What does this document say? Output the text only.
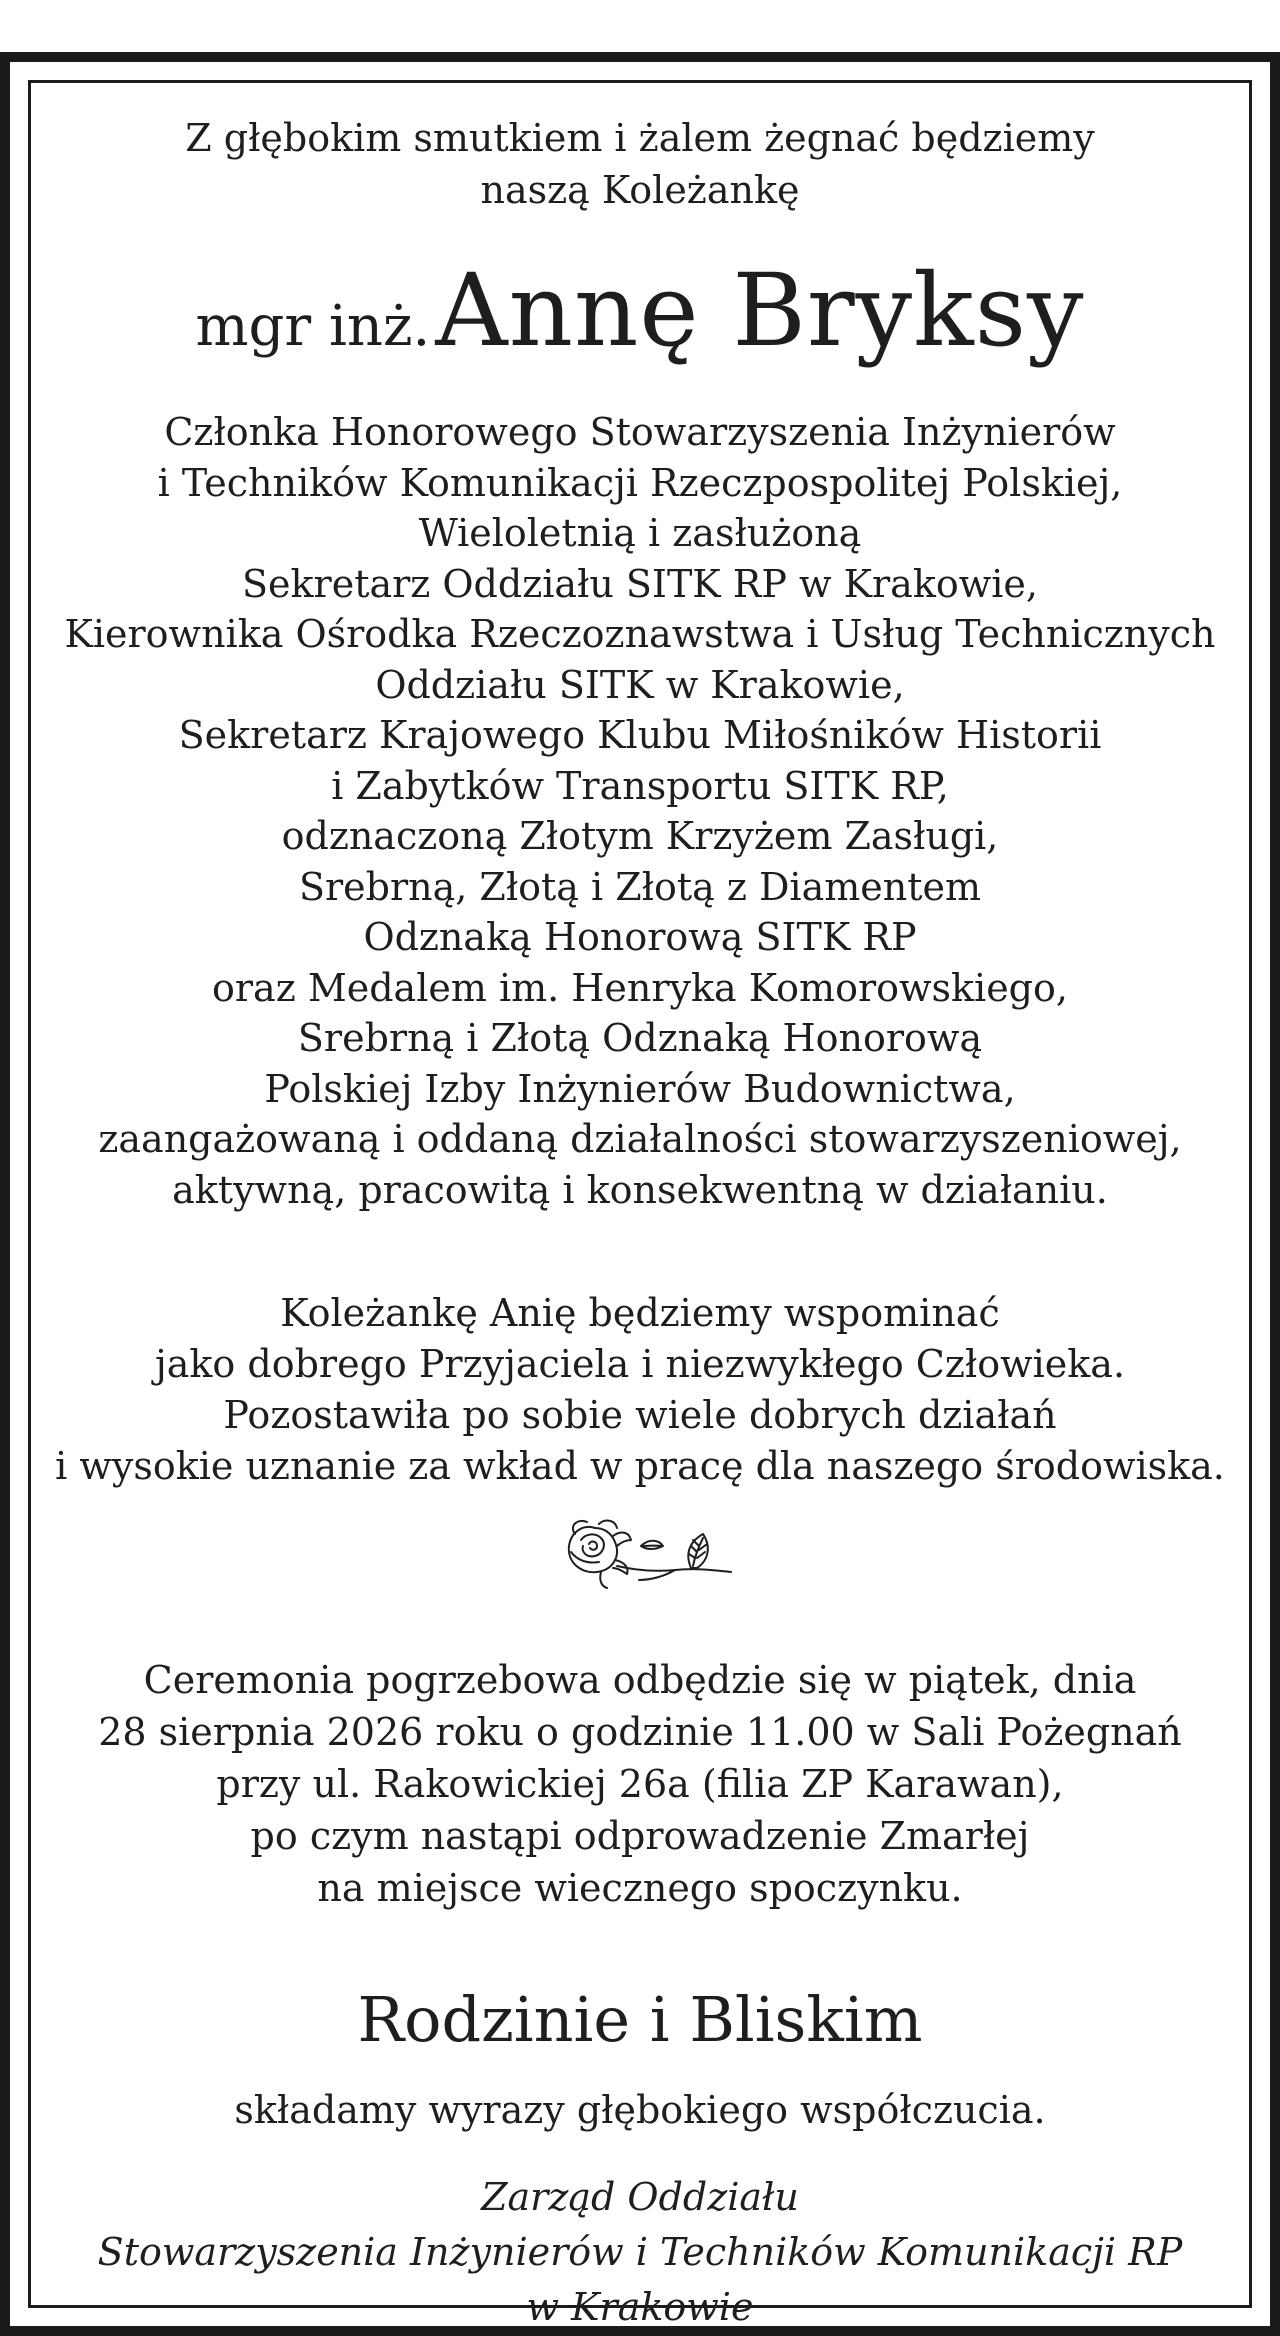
Z głębokim smutkiem i żalem żegnać będziemy
naszą Koleżankę
mgr inż. Annę Bryksy
Członka Honorowego Stowarzyszenia Inżynierów
i Techników Komunikacji Rzeczpospolitej Polskiej,
Wieloletnią i zasłużoną
Sekretarz Oddziału SITK RP w Krakowie,
Kierownika Ośrodka Rzeczoznawstwa i Usług Technicznych
Oddziału SITK w Krakowie,
Sekretarz Krajowego Klubu Miłośników Historii
i Zabytków Transportu SITK RP,
odznaczoną Złotym Krzyżem Zasługi,
Srebrną, Złotą i Złotą z Diamentem
Odznaką Honorową SITK RP
oraz Medalem im. Henryka Komorowskiego,
Srebrną i Złotą Odznaką Honorową
Polskiej Izby Inżynierów Budownictwa,
zaangażowaną i oddaną działalności stowarzyszeniowej,
aktywną, pracowitą i konsekwentną w działaniu.
Koleżankę Anię będziemy wspominać
jako dobrego Przyjaciela i niezwykłego Człowieka.
Pozostawiła po sobie wiele dobrych działań
i wysokie uznanie za wkład w pracę dla naszego środowiska.
Ceremonia pogrzebowa odbędzie się w piątek, dnia
28 sierpnia 2026 roku o godzinie 11.00 w Sali Pożegnań
przy ul. Rakowickiej 26a (filia ZP Karawan),
po czym nastąpi odprowadzenie Zmarłej
na miejsce wiecznego spoczynku.
Rodzinie i Bliskim
składamy wyrazy głębokiego współczucia.
Zarząd Oddziału
Stowarzyszenia Inżynierów i Techników Komunikacji RP
w Krakowie
